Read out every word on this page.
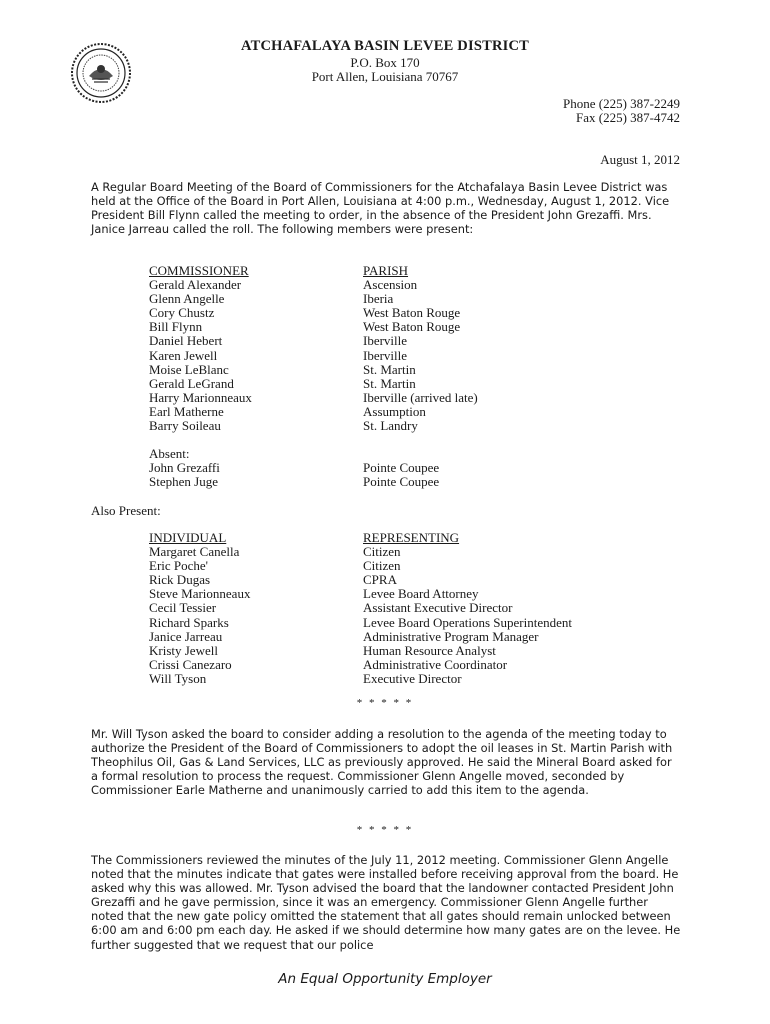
ATCHAFALAYA BASIN LEVEE DISTRICT
P.O. Box 170
Port Allen, Louisiana 70767
Phone (225) 387-2249
Fax (225) 387-4742
August 1, 2012

A Regular Board Meeting of the Board of Commissioners for the Atchafalaya Basin Levee District was held at the Office of the Board in Port Allen, Louisiana at 4:00 p.m., Wednesday, August 1, 2012. Vice President Bill Flynn called the meeting to order, in the absence of the President John Grezaffi. Mrs. Janice Jarreau called the roll. The following members were present:

COMMISSIONER	PARISH
Gerald Alexander	Ascension
Glenn Angelle	Iberia
Cory Chustz	West Baton Rouge
Bill Flynn	West Baton Rouge
Daniel Hebert	Iberville
Karen Jewell	Iberville
Moise LeBlanc	St. Martin
Gerald LeGrand	St. Martin
Harry Marionneaux	Iberville (arrived late)
Earl Matherne	Assumption
Barry Soileau	St. Landry
Absent:
John Grezaffi	Pointe Coupee
Stephen Juge	Pointe Coupee
Also Present:
INDIVIDUAL	REPRESENTING
Margaret Canella	Citizen
Eric Poche'	Citizen
Rick Dugas	CPRA
Steve Marionneaux	Levee Board Attorney
Cecil Tessier	Assistant Executive Director
Richard Sparks	Levee Board Operations Superintendent
Janice Jarreau	Administrative Program Manager
Kristy Jewell	Human Resource Analyst
Crissi Canezaro	Administrative Coordinator
Will Tyson	Executive Director
* * * * *

Mr. Will Tyson asked the board to consider adding a resolution to the agenda of the meeting today to authorize the President of the Board of Commissioners to adopt the oil leases in St. Martin Parish with Theophilus Oil, Gas & Land Services, LLC as previously approved. He said the Mineral Board asked for a formal resolution to process the request. Commissioner Glenn Angelle moved, seconded by Commissioner Earle Matherne and unanimously carried to add this item to the agenda.

* * * * *

The Commissioners reviewed the minutes of the July 11, 2012 meeting. Commissioner Glenn Angelle noted that the minutes indicate that gates were installed before receiving approval from the board. He asked why this was allowed. Mr. Tyson advised the board that the landowner contacted President John Grezaffi and he gave permission, since it was an emergency. Commissioner Glenn Angelle further noted that the new gate policy omitted the statement that all gates should remain unlocked between 6:00 am and 6:00 pm each day. He asked if we should determine how many gates are on the levee. He further suggested that we request that our police

An Equal Opportunity Employer
